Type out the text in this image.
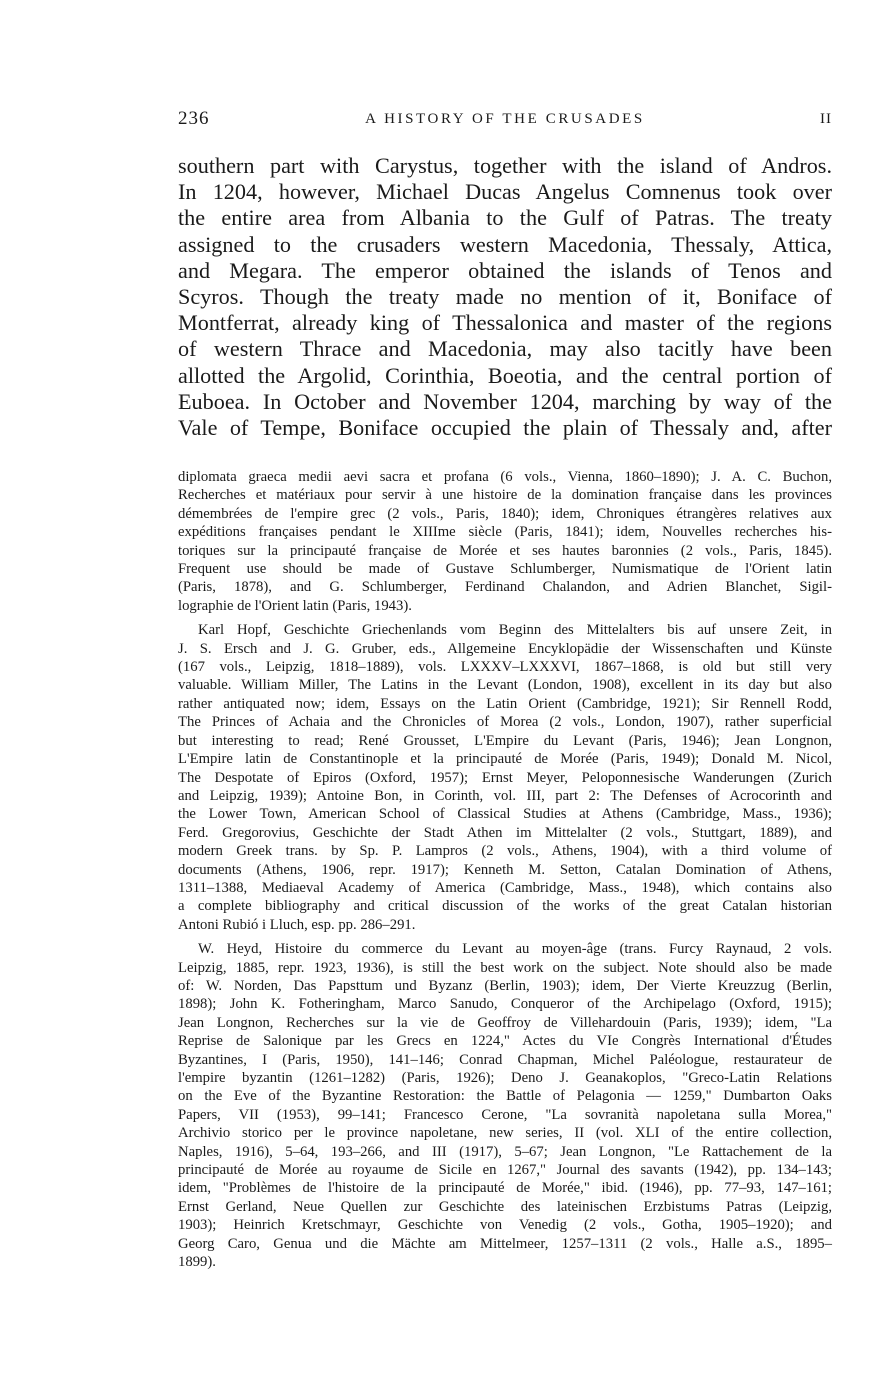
236	A HISTORY OF THE CRUSADES	II
southern part with Carystus, together with the island of Andros.
In 1204, however, Michael Ducas Angelus Comnenus took over
the entire area from Albania to the Gulf of Patras. The treaty
assigned to the crusaders western Macedonia, Thessaly, Attica,
and Megara. The emperor obtained the islands of Tenos and
Scyros. Though the treaty made no mention of it, Boniface of
Montferrat, already king of Thessalonica and master of the regions
of western Thrace and Macedonia, may also tacitly have been
allotted the Argolid, Corinthia, Boeotia, and the central portion of
Euboea. In October and November 1204, marching by way of the
Vale of Tempe, Boniface occupied the plain of Thessaly and, after
diplomata graeca medii aevi sacra et profana (6 vols., Vienna, 1860–1890); J. A. C. Buchon,
Recherches et matériaux pour servir à une histoire de la domination française dans les provinces
démembrées de l'empire grec (2 vols., Paris, 1840); idem, Chroniques étrangères relatives aux
expéditions françaises pendant le XIIIme siècle (Paris, 1841); idem, Nouvelles recherches his-
toriques sur la principauté française de Morée et ses hautes baronnies (2 vols., Paris, 1845).
Frequent use should be made of Gustave Schlumberger, Numismatique de l'Orient latin
(Paris, 1878), and G. Schlumberger, Ferdinand Chalandon, and Adrien Blanchet, Sigil-
lographie de l'Orient latin (Paris, 1943).
Karl Hopf, Geschichte Griechenlands vom Beginn des Mittelalters bis auf unsere Zeit, in
J. S. Ersch and J. G. Gruber, eds., Allgemeine Encyklopädie der Wissenschaften und Künste
(167 vols., Leipzig, 1818–1889), vols. LXXXV–LXXXVI, 1867–1868, is old but still very
valuable. William Miller, The Latins in the Levant (London, 1908), excellent in its day but also
rather antiquated now; idem, Essays on the Latin Orient (Cambridge, 1921); Sir Rennell Rodd,
The Princes of Achaia and the Chronicles of Morea (2 vols., London, 1907), rather superficial
but interesting to read; René Grousset, L'Empire du Levant (Paris, 1946); Jean Longnon,
L'Empire latin de Constantinople et la principauté de Morée (Paris, 1949); Donald M. Nicol,
The Despotate of Epiros (Oxford, 1957); Ernst Meyer, Peloponnesische Wanderungen (Zurich
and Leipzig, 1939); Antoine Bon, in Corinth, vol. III, part 2: The Defenses of Acrocorinth and
the Lower Town, American School of Classical Studies at Athens (Cambridge, Mass., 1936);
Ferd. Gregorovius, Geschichte der Stadt Athen im Mittelalter (2 vols., Stuttgart, 1889), and
modern Greek trans. by Sp. P. Lampros (2 vols., Athens, 1904), with a third volume of
documents (Athens, 1906, repr. 1917); Kenneth M. Setton, Catalan Domination of Athens,
1311–1388, Mediaeval Academy of America (Cambridge, Mass., 1948), which contains also
a complete bibliography and critical discussion of the works of the great Catalan historian
Antoni Rubió i Lluch, esp. pp. 286–291.
W. Heyd, Histoire du commerce du Levant au moyen-âge (trans. Furcy Raynaud, 2 vols.
Leipzig, 1885, repr. 1923, 1936), is still the best work on the subject. Note should also be made
of: W. Norden, Das Papsttum und Byzanz (Berlin, 1903); idem, Der Vierte Kreuzzug (Berlin,
1898); John K. Fotheringham, Marco Sanudo, Conqueror of the Archipelago (Oxford, 1915);
Jean Longnon, Recherches sur la vie de Geoffroy de Villehardouin (Paris, 1939); idem, "La
Reprise de Salonique par les Grecs en 1224," Actes du VIe Congrès International d'Études
Byzantines, I (Paris, 1950), 141–146; Conrad Chapman, Michel Paléologue, restaurateur de
l'empire byzantin (1261–1282) (Paris, 1926); Deno J. Geanakoplos, "Greco-Latin Relations
on the Eve of the Byzantine Restoration: the Battle of Pelagonia — 1259," Dumbarton Oaks
Papers, VII (1953), 99–141; Francesco Cerone, "La sovranità napoletana sulla Morea,"
Archivio storico per le province napoletane, new series, II (vol. XLI of the entire collection,
Naples, 1916), 5–64, 193–266, and III (1917), 5–67; Jean Longnon, "Le Rattachement de la
principauté de Morée au royaume de Sicile en 1267," Journal des savants (1942), pp. 134–143;
idem, "Problèmes de l'histoire de la principauté de Morée," ibid. (1946), pp. 77–93, 147–161;
Ernst Gerland, Neue Quellen zur Geschichte des lateinischen Erzbistums Patras (Leipzig,
1903); Heinrich Kretschmayr, Geschichte von Venedig (2 vols., Gotha, 1905–1920); and
Georg Caro, Genua und die Mächte am Mittelmeer, 1257–1311 (2 vols., Halle a.S., 1895–
1899).
